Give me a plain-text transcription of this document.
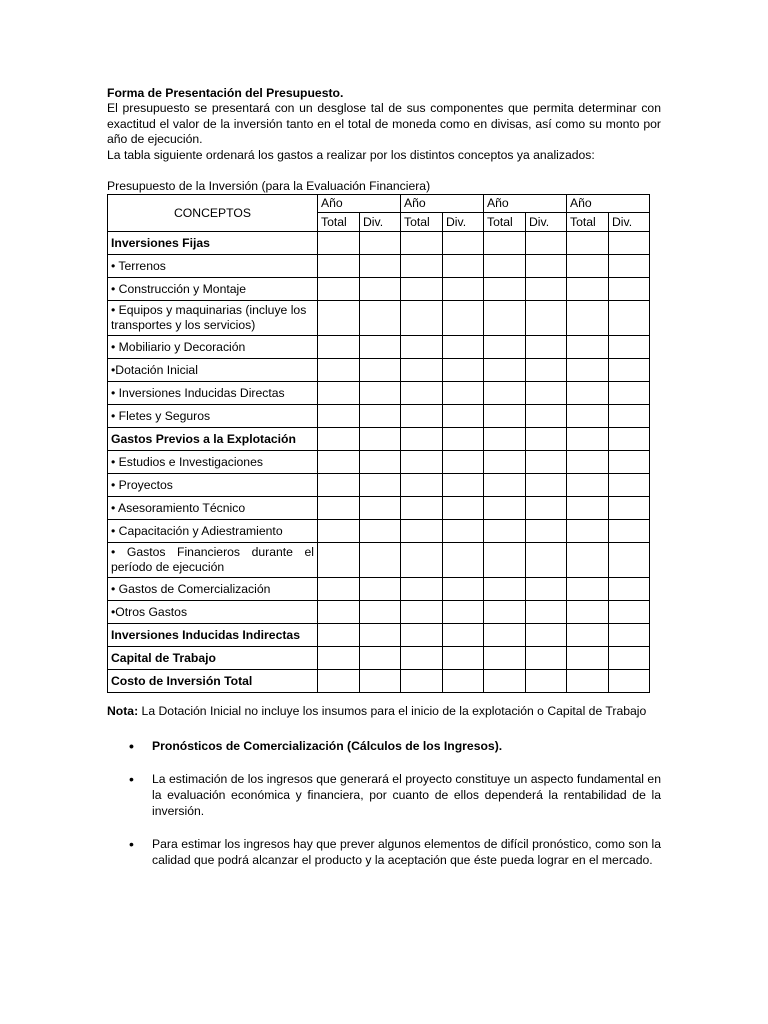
Forma de Presentación del Presupuesto.
El presupuesto se presentará con un desglose tal de sus componentes que permita determinar con exactitud el valor de la inversión tanto en el total de moneda como en divisas, así como su monto por año de ejecución.
La tabla siguiente ordenará los gastos a realizar por los distintos conceptos ya analizados:
Presupuesto de la Inversión (para la Evaluación Financiera)
CONCEPTOS	Año		Año		Año		Año	
	Total	Div.	Total	Div.	Total	Div.	Total	Div.
Inversiones Fijas								
• Terrenos								
• Construcción y Montaje								
• Equipos y maquinarias (incluye los transportes y los servicios)								
• Mobiliario y Decoración								
•Dotación Inicial								
• Inversiones Inducidas Directas								
• Fletes y Seguros								
Gastos Previos a la Explotación								
• Estudios e Investigaciones								
• Proyectos								
• Asesoramiento Técnico								
• Capacitación y Adiestramiento								
• Gastos Financieros durante el período de ejecución								
• Gastos de Comercialización								
•Otros Gastos								
Inversiones Inducidas Indirectas								
Capital de Trabajo								
Costo de Inversión Total								
Nota: La Dotación Inicial no incluye los insumos para el inicio de la explotación o Capital de Trabajo
• Pronósticos de Comercialización (Cálculos de los Ingresos).
• La estimación de los ingresos que generará el proyecto constituye un aspecto fundamental en la evaluación económica y financiera, por cuanto de ellos dependerá la rentabilidad de la inversión.
• Para estimar los ingresos hay que prever algunos elementos de difícil pronóstico, como son la calidad que podrá alcanzar el producto y la aceptación que éste pueda lograr en el mercado.
